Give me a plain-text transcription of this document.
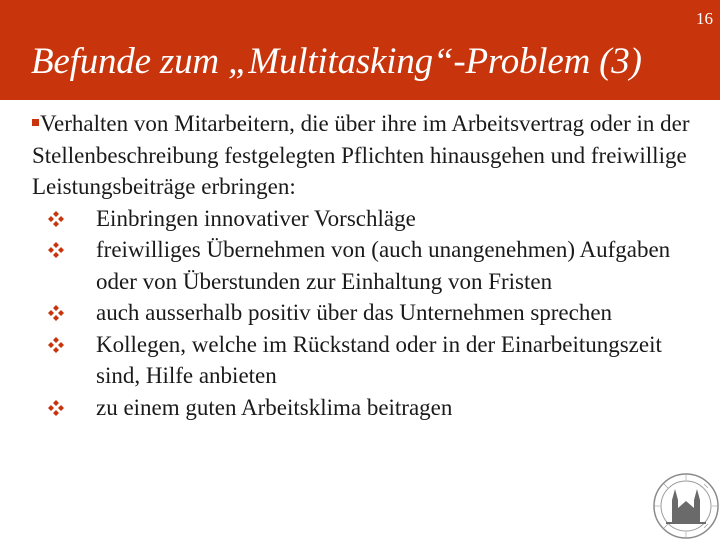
16
Befunde zum „Multitasking“-Problem (3)

Verhalten von Mitarbeitern, die über ihre im Arbeitsvertrag oder in der Stellenbeschreibung festgelegten Pflichten hinausgehen und freiwillige Leistungsbeiträge erbringen:

Einbringen innovativer Vorschläge
freiwilliges Übernehmen von (auch unangenehmen) Aufgaben oder von Überstunden zur Einhaltung von Fristen
auch ausserhalb positiv über das Unternehmen sprechen
Kollegen, welche im Rückstand oder in der Einarbeitungszeit sind, Hilfe anbieten
zu einem guten Arbeitsklima beitragen
